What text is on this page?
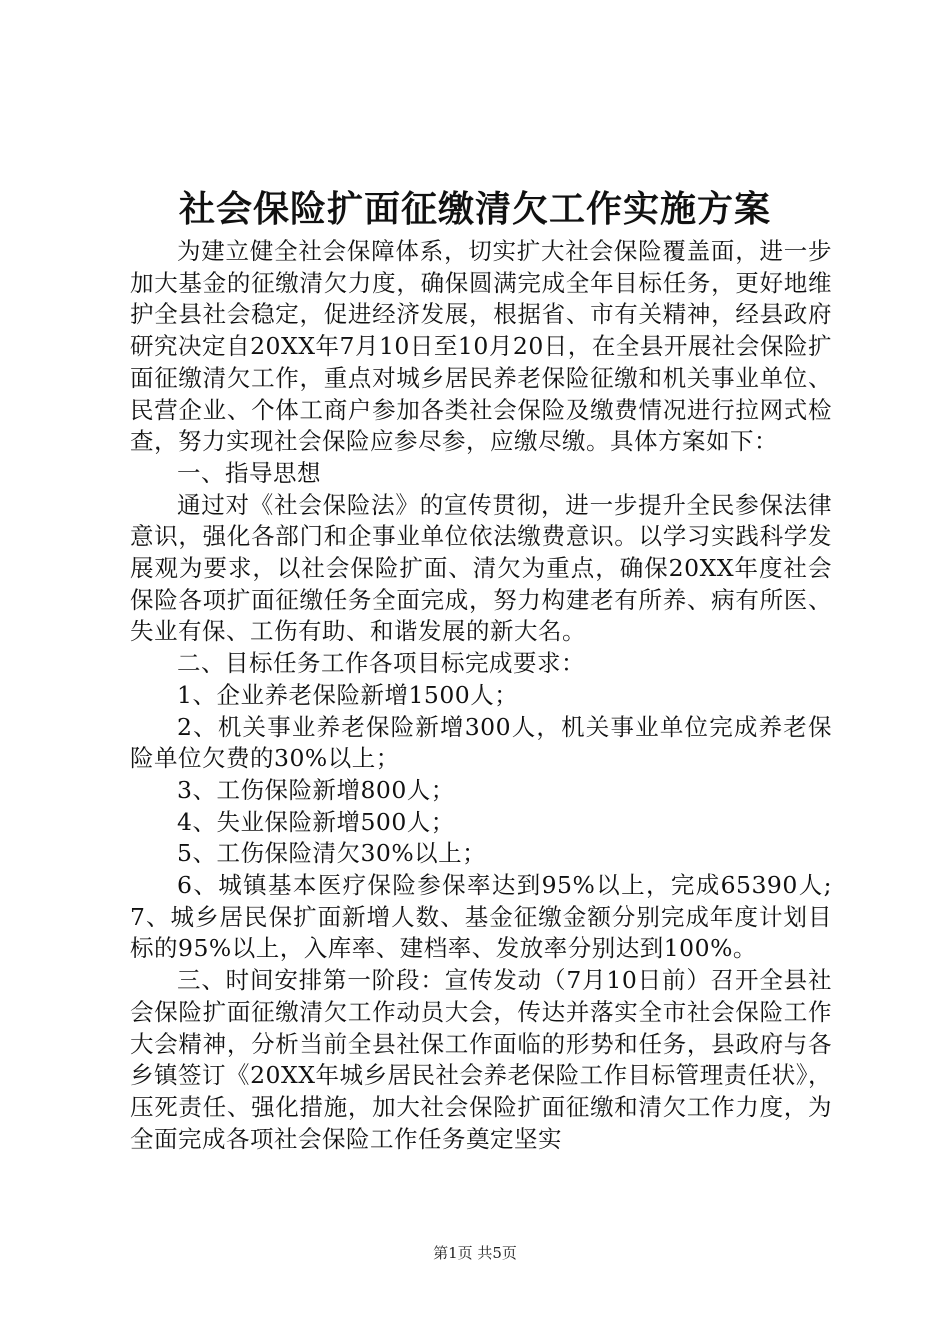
社会保险扩面征缴清欠工作实施方案

为建立健全社会保障体系，切实扩大社会保险覆盖面，进一步加大基金的征缴清欠力度，确保圆满完成全年目标任务，更好地维护全县社会稳定，促进经济发展，根据省、市有关精神，经县政府研究决定自20XX年7月10日至10月20日，在全县开展社会保险扩面征缴清欠工作，重点对城乡居民养老保险征缴和机关事业单位、民营企业、个体工商户参加各类社会保险及缴费情况进行拉网式检查，努力实现社会保险应参尽参，应缴尽缴。具体方案如下：

一、指导思想

通过对《社会保险法》的宣传贯彻，进一步提升全民参保法律意识，强化各部门和企事业单位依法缴费意识。以学习实践科学发展观为要求，以社会保险扩面、清欠为重点，确保20XX年度社会保险各项扩面征缴任务全面完成，努力构建老有所养、病有所医、失业有保、工伤有助、和谐发展的新大名。

二、目标任务工作各项目标完成要求：

1、企业养老保险新增1500人；

2、机关事业养老保险新增300人，机关事业单位完成养老保险单位欠费的30%以上；

3、工伤保险新增800人；

4、失业保险新增500人；

5、工伤保险清欠30%以上；

6、城镇基本医疗保险参保率达到95%以上，完成65390人;7、城乡居民保扩面新增人数、基金征缴金额分别完成年度计划目标的95%以上，入库率、建档率、发放率分别达到100%。

三、时间安排第一阶段：宣传发动（7月10日前）召开全县社会保险扩面征缴清欠工作动员大会，传达并落实全市社会保险工作大会精神，分析当前全县社保工作面临的形势和任务，县政府与各乡镇签订《20XX年城乡居民社会养老保险工作目标管理责任状》，压死责任、强化措施，加大社会保险扩面征缴和清欠工作力度，为全面完成各项社会保险工作任务奠定坚实

第1页 共5页
